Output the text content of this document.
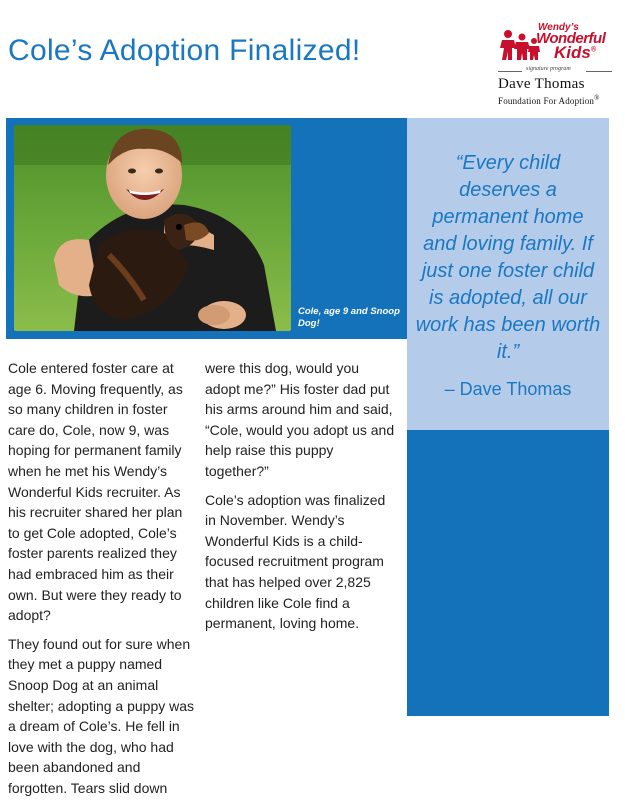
Cole’s Adoption Finalized!
Wendy’s
Wonderful
Kids®
signature program
Dave Thomas
Foundation For Adoption®
Cole, age 9 and Snoop Dog!
“Every child deserves a permanent home and loving family. If just one foster child is adopted, all our work has been worth it.”
– Dave Thomas

Cole entered foster care at age 6. Moving frequently, as so many children in foster care do, Cole, now 9, was hoping for permanent family when he met his Wendy’s Wonderful Kids recruiter. As his recruiter shared her plan to get Cole adopted, Cole’s foster parents realized they had embraced him as their own. But were they ready to adopt?

They found out for sure when they met a puppy named Snoop Dog at an animal shelter; adopting a puppy was a dream of Cole’s. He fell in love with the dog, who had been abandoned and forgotten. Tears slid down

were this dog, would you adopt me?” His foster dad put his arms around him and said, “Cole, would you adopt us and help raise this puppy together?”

Cole’s adoption was finalized in November. Wendy’s Wonderful Kids is a child-focused recruitment program that has helped over 2,825 children like Cole find a permanent, loving home.
